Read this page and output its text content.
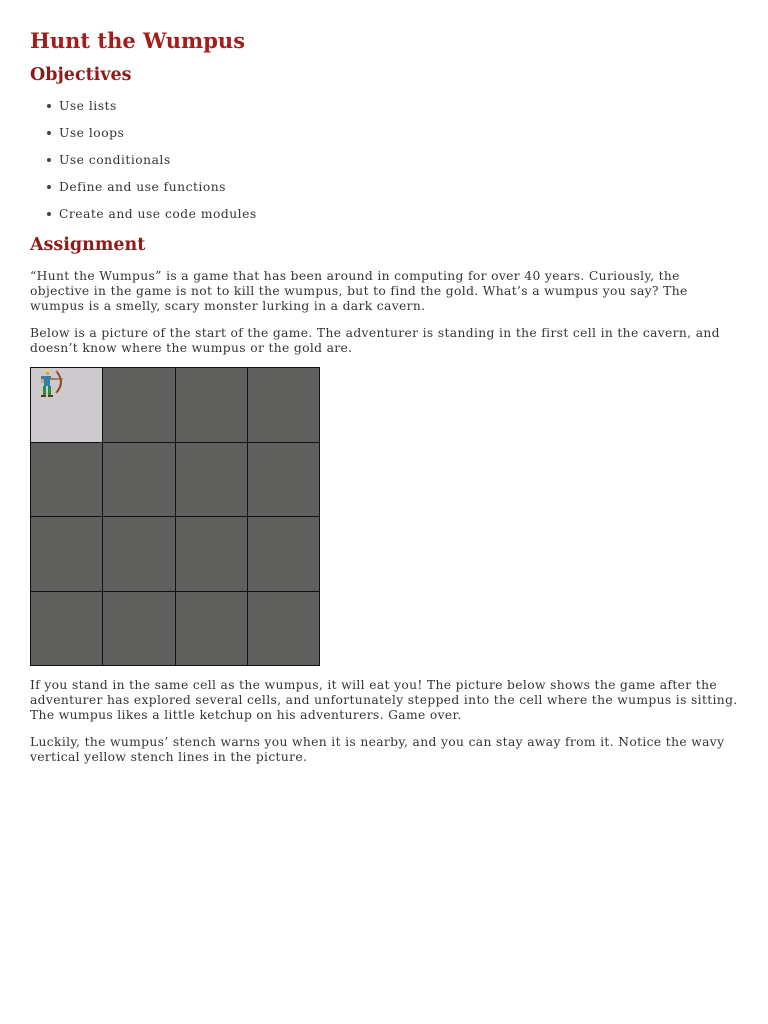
Hunt the Wumpus
Objectives
Use lists
Use loops
Use conditionals
Define and use functions
Create and use code modules
Assignment

“Hunt the Wumpus” is a game that has been around in computing for over 40 years. Curiously, the objective in the game is not to kill the wumpus, but to find the gold. What’s a wumpus you say? The wumpus is a smelly, scary monster lurking in a dark cavern.

Below is a picture of the start of the game. The adventurer is standing in the first cell in the cavern, and doesn’t know where the wumpus or the gold are.

If you stand in the same cell as the wumpus, it will eat you! The picture below shows the game after the adventurer has explored several cells, and unfortunately stepped into the cell where the wumpus is sitting. The wumpus likes a little ketchup on his adventurers. Game over.

Luckily, the wumpus’ stench warns you when it is nearby, and you can stay away from it. Notice the wavy vertical yellow stench lines in the picture.
